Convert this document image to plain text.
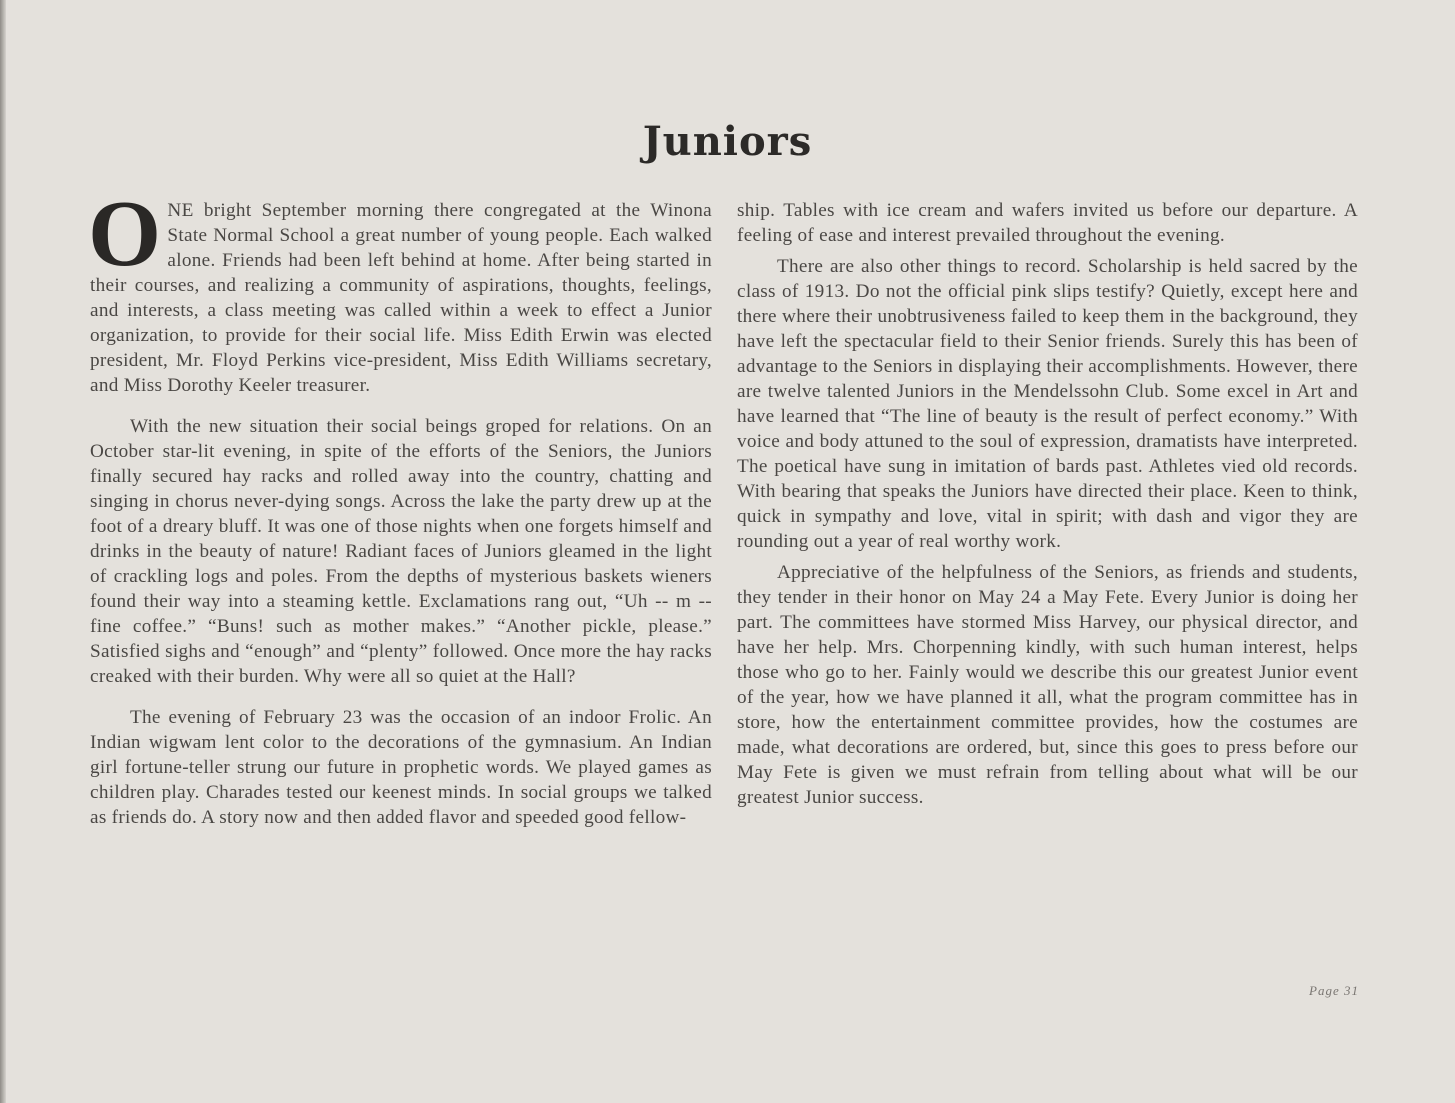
Juniors

ONE bright September morning there congregated at the Winona State Normal School a great number of young people. Each walked alone. Friends had been left behind at home. After being started in their courses, and realizing a community of aspirations, thoughts, feelings, and interests, a class meeting was called within a week to effect a Junior organization, to provide for their social life. Miss Edith Erwin was elected president, Mr. Floyd Perkins vice-president, Miss Edith Williams secretary, and Miss Dorothy Keeler treasurer.

With the new situation their social beings groped for relations. On an October star-lit evening, in spite of the efforts of the Seniors, the Juniors finally secured hay racks and rolled away into the country, chatting and singing in chorus never-dying songs. Across the lake the party drew up at the foot of a dreary bluff. It was one of those nights when one forgets himself and drinks in the beauty of nature! Radiant faces of Juniors gleamed in the light of crackling logs and poles. From the depths of mysterious baskets wieners found their way into a steaming kettle. Exclamations rang out, “Uh -- m -- fine coffee.” “Buns! such as mother makes.” “Another pickle, please.” Satisfied sighs and “enough” and “plenty” followed. Once more the hay racks creaked with their burden. Why were all so quiet at the Hall?

The evening of February 23 was the occasion of an indoor Frolic. An Indian wigwam lent color to the decorations of the gymnasium. An Indian girl fortune-teller strung our future in prophetic words. We played games as children play. Charades tested our keenest minds. In social groups we talked as friends do. A story now and then added flavor and speeded good fellow-

ship. Tables with ice cream and wafers invited us before our departure. A feeling of ease and interest prevailed throughout the evening.

There are also other things to record. Scholarship is held sacred by the class of 1913. Do not the official pink slips testify? Quietly, except here and there where their unobtrusiveness failed to keep them in the background, they have left the spectacular field to their Senior friends. Surely this has been of advantage to the Seniors in displaying their accomplishments. However, there are twelve talented Juniors in the Mendelssohn Club. Some excel in Art and have learned that “The line of beauty is the result of perfect economy.” With voice and body attuned to the soul of expression, dramatists have interpreted. The poetical have sung in imitation of bards past. Athletes vied old records. With bearing that speaks the Juniors have directed their place. Keen to think, quick in sympathy and love, vital in spirit; with dash and vigor they are rounding out a year of real worthy work.

Appreciative of the helpfulness of the Seniors, as friends and students, they tender in their honor on May 24 a May Fete. Every Junior is doing her part. The committees have stormed Miss Harvey, our physical director, and have her help. Mrs. Chorpenning kindly, with such human interest, helps those who go to her. Fainly would we describe this our greatest Junior event of the year, how we have planned it all, what the program committee has in store, how the entertainment committee provides, how the costumes are made, what decorations are ordered, but, since this goes to press before our May Fete is given we must refrain from telling about what will be our greatest Junior success.

Page 31
